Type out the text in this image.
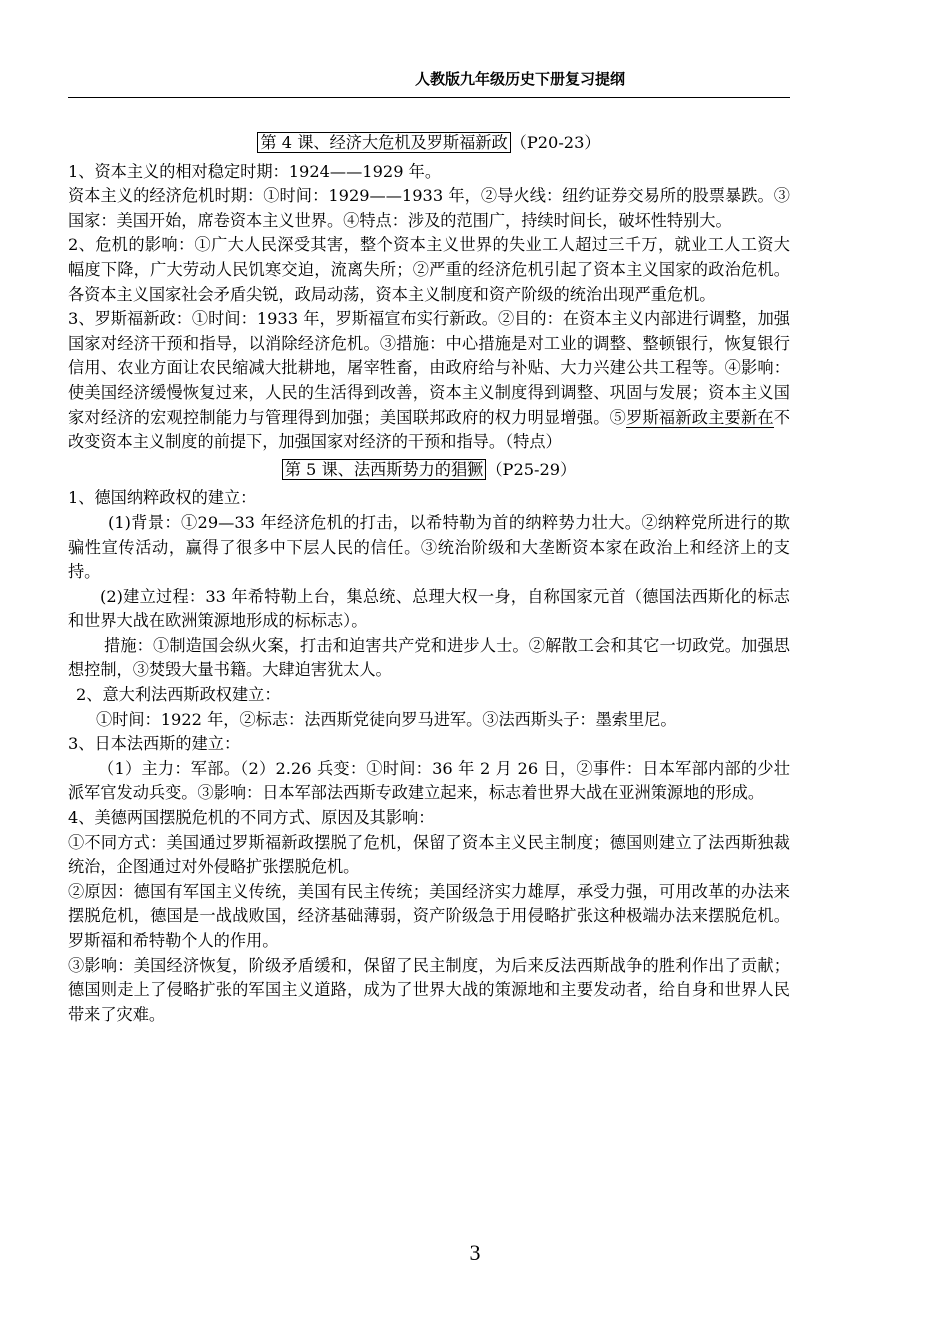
人教版九年级历史下册复习提纲

第 4 课、经济大危机及罗斯福新政 （P20-23）

1、资本主义的相对稳定时期：1924——1929 年。

资本主义的经济危机时期：①时间：1929——1933 年，②导火线：纽约证券交易所的股票暴跌。③国家：美国开始，席卷资本主义世界。④特点：涉及的范围广，持续时间长，破坏性特别大。

2、危机的影响：①广大人民深受其害，整个资本主义世界的失业工人超过三千万，就业工人工资大幅度下降，广大劳动人民饥寒交迫，流离失所；②严重的经济危机引起了资本主义国家的政治危机。各资本主义国家社会矛盾尖锐，政局动荡，资本主义制度和资产阶级的统治出现严重危机。

3、罗斯福新政：①时间：1933 年，罗斯福宣布实行新政。②目的：在资本主义内部进行调整，加强国家对经济干预和指导，以消除经济危机。③措施：中心措施是对工业的调整、整顿银行，恢复银行信用、农业方面让农民缩减大批耕地，屠宰牲畜，由政府给与补贴、大力兴建公共工程等。④影响：使美国经济缓慢恢复过来，人民的生活得到改善，资本主义制度得到调整、巩固与发展；资本主义国家对经济的宏观控制能力与管理得到加强；美国联邦政府的权力明显增强。⑤罗斯福新政主要新在不改变资本主义制度的前提下，加强国家对经济的干预和指导。（特点）

第 5 课、法西斯势力的猖獗 （P25-29）

1、德国纳粹政权的建立：

(1)背景：①29—33 年经济危机的打击，以希特勒为首的纳粹势力壮大。②纳粹党所进行的欺骗性宣传活动，赢得了很多中下层人民的信任。③统治阶级和大垄断资本家在政治上和经济上的支持。

(2)建立过程：33 年希特勒上台，集总统、总理大权一身，自称国家元首（德国法西斯化的标志和世界大战在欧洲策源地形成的标标志）。

措施：①制造国会纵火案，打击和迫害共产党和进步人士。②解散工会和其它一切政党。加强思想控制，③焚毁大量书籍。大肆迫害犹太人。

2、意大利法西斯政权建立：

①时间：1922 年，②标志：法西斯党徒向罗马进军。③法西斯头子：墨索里尼。

3、日本法西斯的建立：

（1）主力：军部。（2）2.26 兵变：①时间：36 年 2 月 26 日，②事件：日本军部内部的少壮派军官发动兵变。③影响：日本军部法西斯专政建立起来，标志着世界大战在亚洲策源地的形成。

4、美德两国摆脱危机的不同方式、原因及其影响：

①不同方式：美国通过罗斯福新政摆脱了危机，保留了资本主义民主制度；德国则建立了法西斯独裁统治，企图通过对外侵略扩张摆脱危机。

②原因：德国有军国主义传统，美国有民主传统；美国经济实力雄厚，承受力强，可用改革的办法来摆脱危机，德国是一战战败国，经济基础薄弱，资产阶级急于用侵略扩张这种极端办法来摆脱危机。罗斯福和希特勒个人的作用。

③影响：美国经济恢复，阶级矛盾缓和，保留了民主制度，为后来反法西斯战争的胜利作出了贡献；德国则走上了侵略扩张的军国主义道路，成为了世界大战的策源地和主要发动者，给自身和世界人民带来了灾难。

3
